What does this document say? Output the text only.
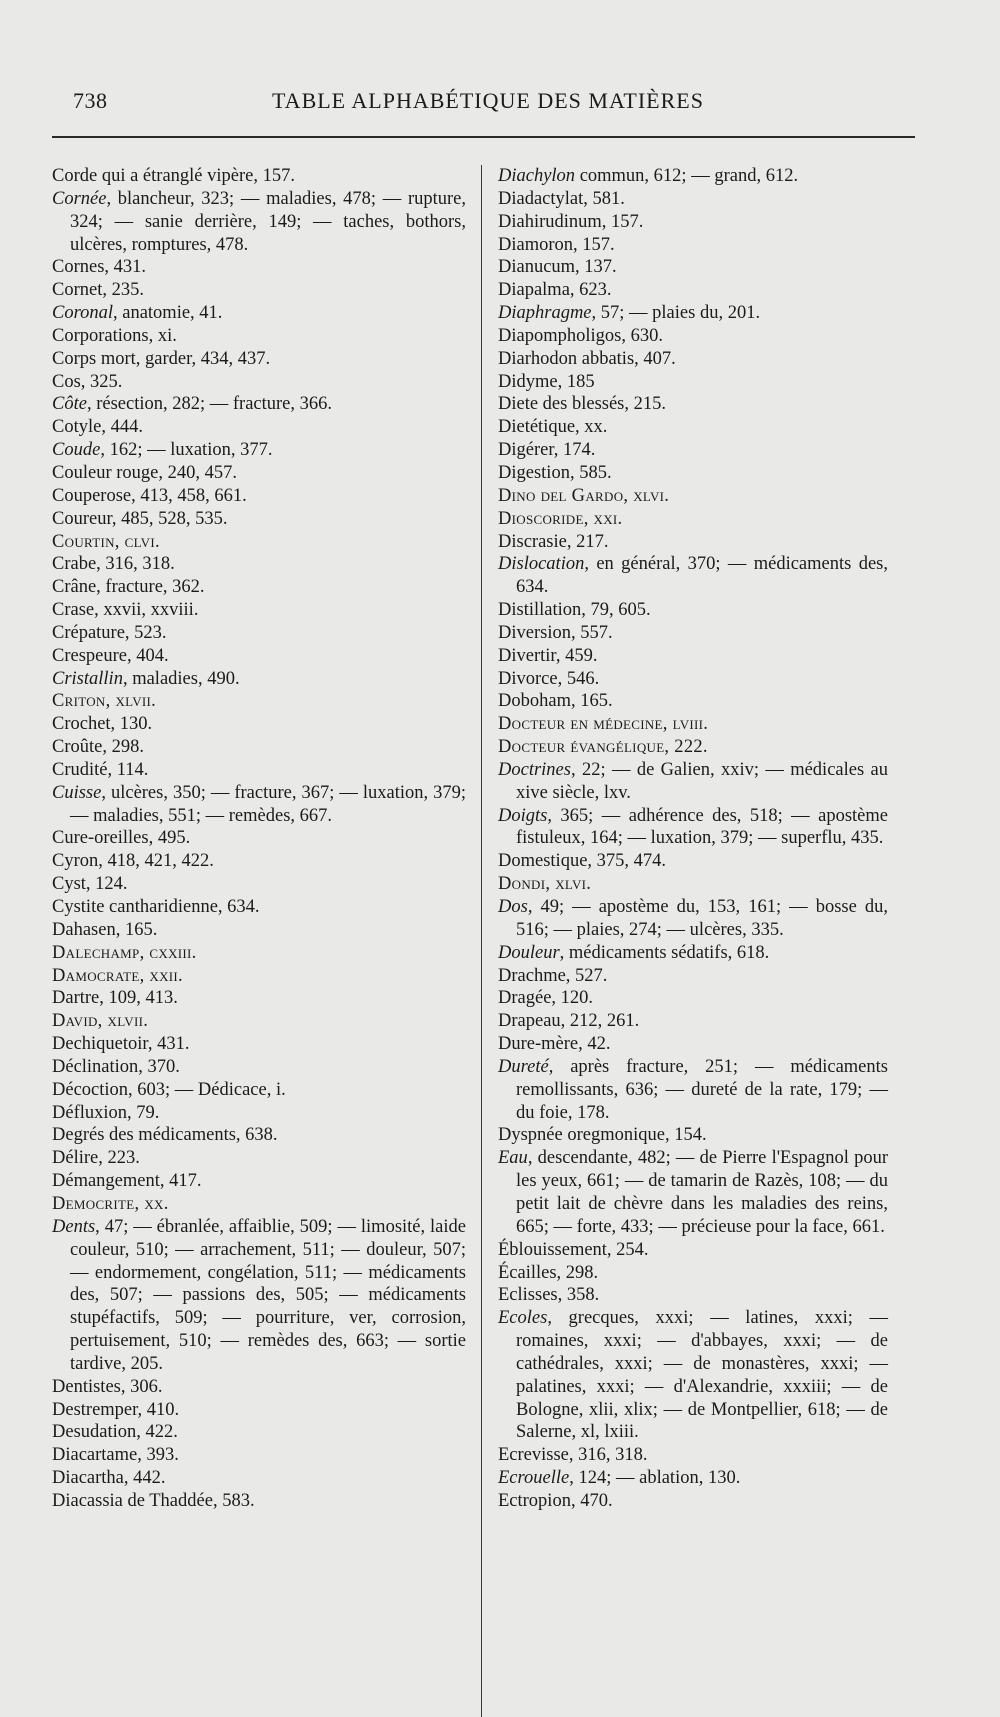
738	TABLE ALPHABÉTIQUE DES MATIÈRES
Corde qui a étranglé vipère, 157.
Cornée, blancheur, 323; — maladies, 478; — rupture, 324; — sanie derrière, 149; — taches, bothors, ulcères, romptures, 478.
Cornes, 431.
Cornet, 235.
Coronal, anatomie, 41.
Corporations, xi.
Corps mort, garder, 434, 437.
Cos, 325.
Côte, résection, 282; — fracture, 366.
Cotyle, 444.
Coude, 162; — luxation, 377.
Couleur rouge, 240, 457.
Couperose, 413, 458, 661.
Coureur, 485, 528, 535.
Courtin, clvi.
Crabe, 316, 318.
Crâne, fracture, 362.
Crase, xxvii, xxviii.
Crépature, 523.
Crespeure, 404.
Cristallin, maladies, 490.
Criton, xlvii.
Crochet, 130.
Croûte, 298.
Crudité, 114.
Cuisse, ulcères, 350; — fracture, 367; — luxation, 379; — maladies, 551; — remèdes, 667.
Cure-oreilles, 495.
Cyron, 418, 421, 422.
Cyst, 124.
Cystite cantharidienne, 634.
Dahasen, 165.
Dalechamp, cxxiii.
Damocrate, xxii.
Dartre, 109, 413.
David, xlvii.
Dechiquetoir, 431.
Déclination, 370.
Décoction, 603; — Dédicace, i.
Défluxion, 79.
Degrés des médicaments, 638.
Délire, 223.
Démangement, 417.
Democrite, xx.
Dents, 47; — ébranlée, affaiblie, 509; — limosité, laide couleur, 510; — arrachement, 511; — douleur, 507; — endormement, congélation, 511; — médicaments des, 507; — passions des, 505; — médicaments stupéfactifs, 509; — pourriture, ver, corrosion, pertuisement, 510; — remèdes des, 663; — sortie tardive, 205.
Dentistes, 306.
Destremper, 410.
Desudation, 422.
Diacartame, 393.
Diacartha, 442.
Diacassia de Thaddée, 583.
Diachylon commun, 612; — grand, 612.
Diadactylat, 581.
Diahirudinum, 157.
Diamoron, 157.
Dianucum, 137.
Diapalma, 623.
Diaphragme, 57; — plaies du, 201.
Diapompholigos, 630.
Diarhodon abbatis, 407.
Didyme, 185
Diete des blessés, 215.
Dietétique, xx.
Digérer, 174.
Digestion, 585.
Dino del Gardo, xlvi.
Dioscoride, xxi.
Discrasie, 217.
Dislocation, en général, 370; — médicaments des, 634.
Distillation, 79, 605.
Diversion, 557.
Divertir, 459.
Divorce, 546.
Doboham, 165.
Docteur en médecine, lviii.
Docteur évangélique, 222.
Doctrines, 22; — de Galien, xxiv; — médicales au xive siècle, lxv.
Doigts, 365; — adhérence des, 518; — apostème fistuleux, 164; — luxation, 379; — superflu, 435.
Domestique, 375, 474.
Dondi, xlvi.
Dos, 49; — apostème du, 153, 161; — bosse du, 516; — plaies, 274; — ulcères, 335.
Douleur, médicaments sédatifs, 618.
Drachme, 527.
Dragée, 120.
Drapeau, 212, 261.
Dure-mère, 42.
Dureté, après fracture, 251; — médicaments remollissants, 636; — dureté de la rate, 179; — du foie, 178.
Dyspnée oregmonique, 154.
Eau, descendante, 482; — de Pierre l'Espagnol pour les yeux, 661; — de tamarin de Razès, 108; — du petit lait de chèvre dans les maladies des reins, 665; — forte, 433; — précieuse pour la face, 661.
Éblouissement, 254.
Écailles, 298.
Eclisses, 358.
Ecoles, grecques, xxxi; — latines, xxxi; — romaines, xxxi; — d'abbayes, xxxi; — de cathédrales, xxxi; — de monastères, xxxi; — palatines, xxxi; — d'Alexandrie, xxxiii; — de Bologne, xlii, xlix; — de Montpellier, 618; — de Salerne, xl, lxiii.
Ecrevisse, 316, 318.
Ecrouelle, 124; — ablation, 130.
Ectropion, 470.
